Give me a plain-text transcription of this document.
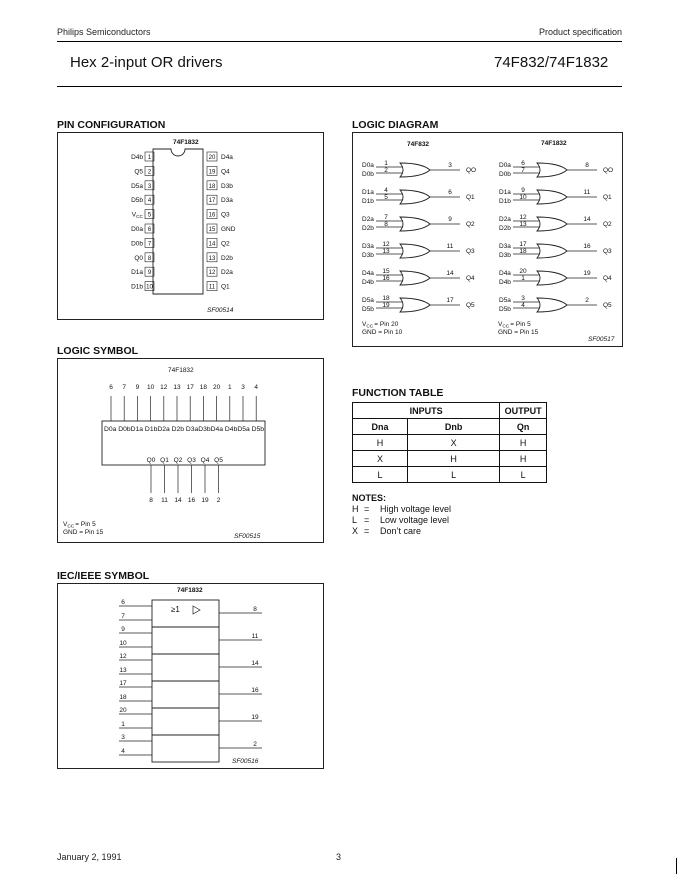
Philips Semiconductors	Product specification
Hex 2-input OR drivers	74F832/74F1832
PIN CONFIGURATION	LOGIC DIAGRAM
LOGIC SYMBOL
FUNCTION TABLE
IEC/IEEE SYMBOL
74F1832
1
D4b
2
Q5
3
D5a
4
D5b
5
$V_{CC}$
6
D0a
7
D0b
8
Q0
9
D1a
10
D1b
20 D4a
19 Q4
18 D3b
17 D3a
16 Q3
15 GND
14 Q2
13 D2b
12 D2a
11 Q1
SF00514
74F832	74F1832
D0a
D0b
1
2
3
QO
D1a
D1b
4
5
6
Q1
D2a
D2b
7
8
9
Q2
D3a
D3b
12
13
11
Q3
D4a
D4b
15
16
14
Q4
D5a
D5b
18
19
17
Q5
D0a
D0b
6
7
8
QO
D1a
D1b
9
10
11
Q1
D2a
D2b
12
13
14
Q2
D3a
D3b
17
18
16
Q3
D4a
D4b
20
1
19
Q4
D5a
D5b
3
4
2
Q5
$V_{CC}=$ Pin 20
GND = Pin 10
$V_{CC}=$ Pin 5
GND = Pin 15
SF00517
74F1832
D0a D0bD1a D1bD2a D2b D3aD3bD4a D4bD5a D5b
6 7 9 10 12 13 17 18 20 1 3 4
Q0
8
Q1
11
Q2
14
Q3
16
Q4
19
Q5
2
$V_{CC}=$ Pin 5
GND = Pin 15
SF00515
INPUTS		OUTPUT
Dna	Dnb	Qn
H	X	H
X	H	H
L	L	L
NOTES:
H = High voltage level
L = Low voltage level
X = Don’t care
74F1832
≥1
6
7
8
9
10
11
12
13
14
17
18
16
20
1
19
3
4
2
SF00516
January 2, 1991	3
